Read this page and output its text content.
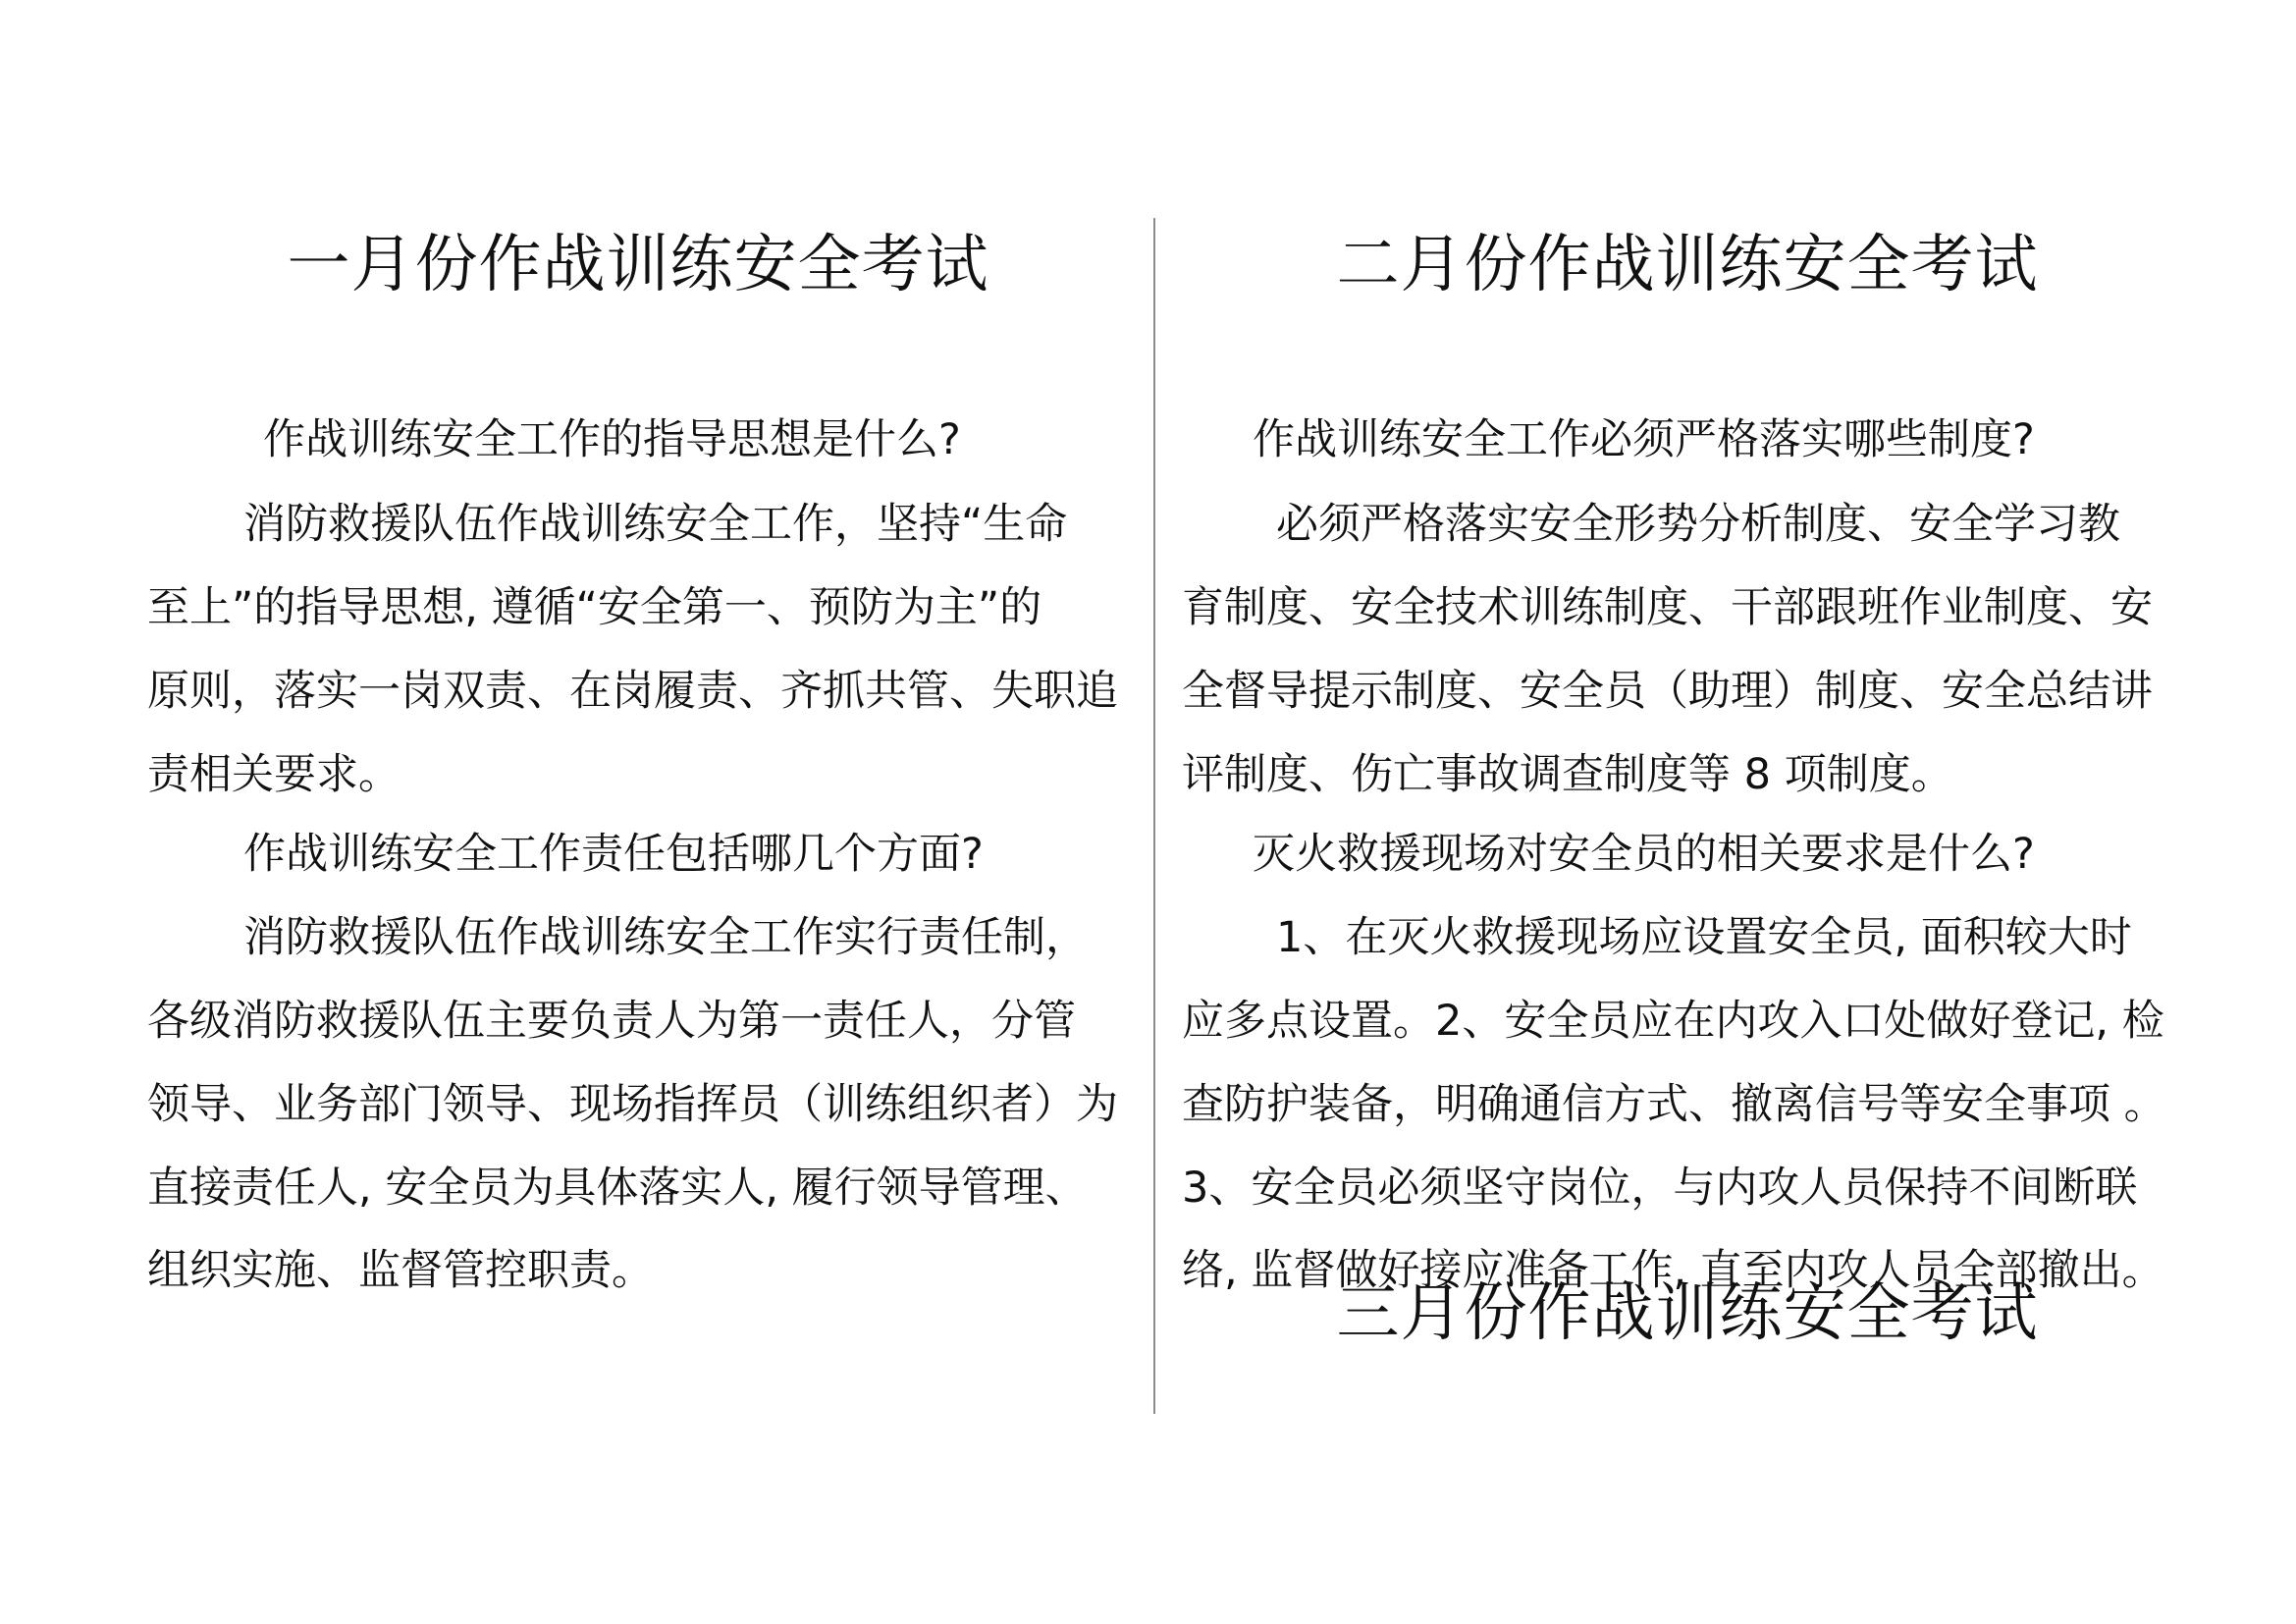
一月份作战训练安全考试
作战训练安全工作的指导思想是什么?
消防救援队伍作战训练安全工作，坚持“生命
至上”的指导思想, 遵循“安全第一、预防为主”的
原则，落实一岗双责、在岗履责、齐抓共管、失职追
责相关要求。
作战训练安全工作责任包括哪几个方面?
消防救援队伍作战训练安全工作实行责任制，
各级消防救援队伍主要负责人为第一责任人，分管
领导、业务部门领导、现场指挥员（训练组织者）为
直接责任人, 安全员为具体落实人, 履行领导管理、
组织实施、监督管控职责。
二月份作战训练安全考试
作战训练安全工作必须严格落实哪些制度?
必须严格落实安全形势分析制度、安全学习教
育制度、安全技术训练制度、干部跟班作业制度、安
全督导提示制度、安全员（助理）制度、安全总结讲
评制度、伤亡事故调查制度等 8 项制度。
灭火救援现场对安全员的相关要求是什么?
1、在灭火救援现场应设置安全员, 面积较大时
应多点设置。2、安全员应在内攻入口处做好登记, 检
查防护装备，明确通信方式、撤离信号等安全事项 。
3、安全员必须坚守岗位，与内攻人员保持不间断联
络, 监督做好接应准备工作, 直至内攻人员全部撤出。
三月份作战训练安全考试
